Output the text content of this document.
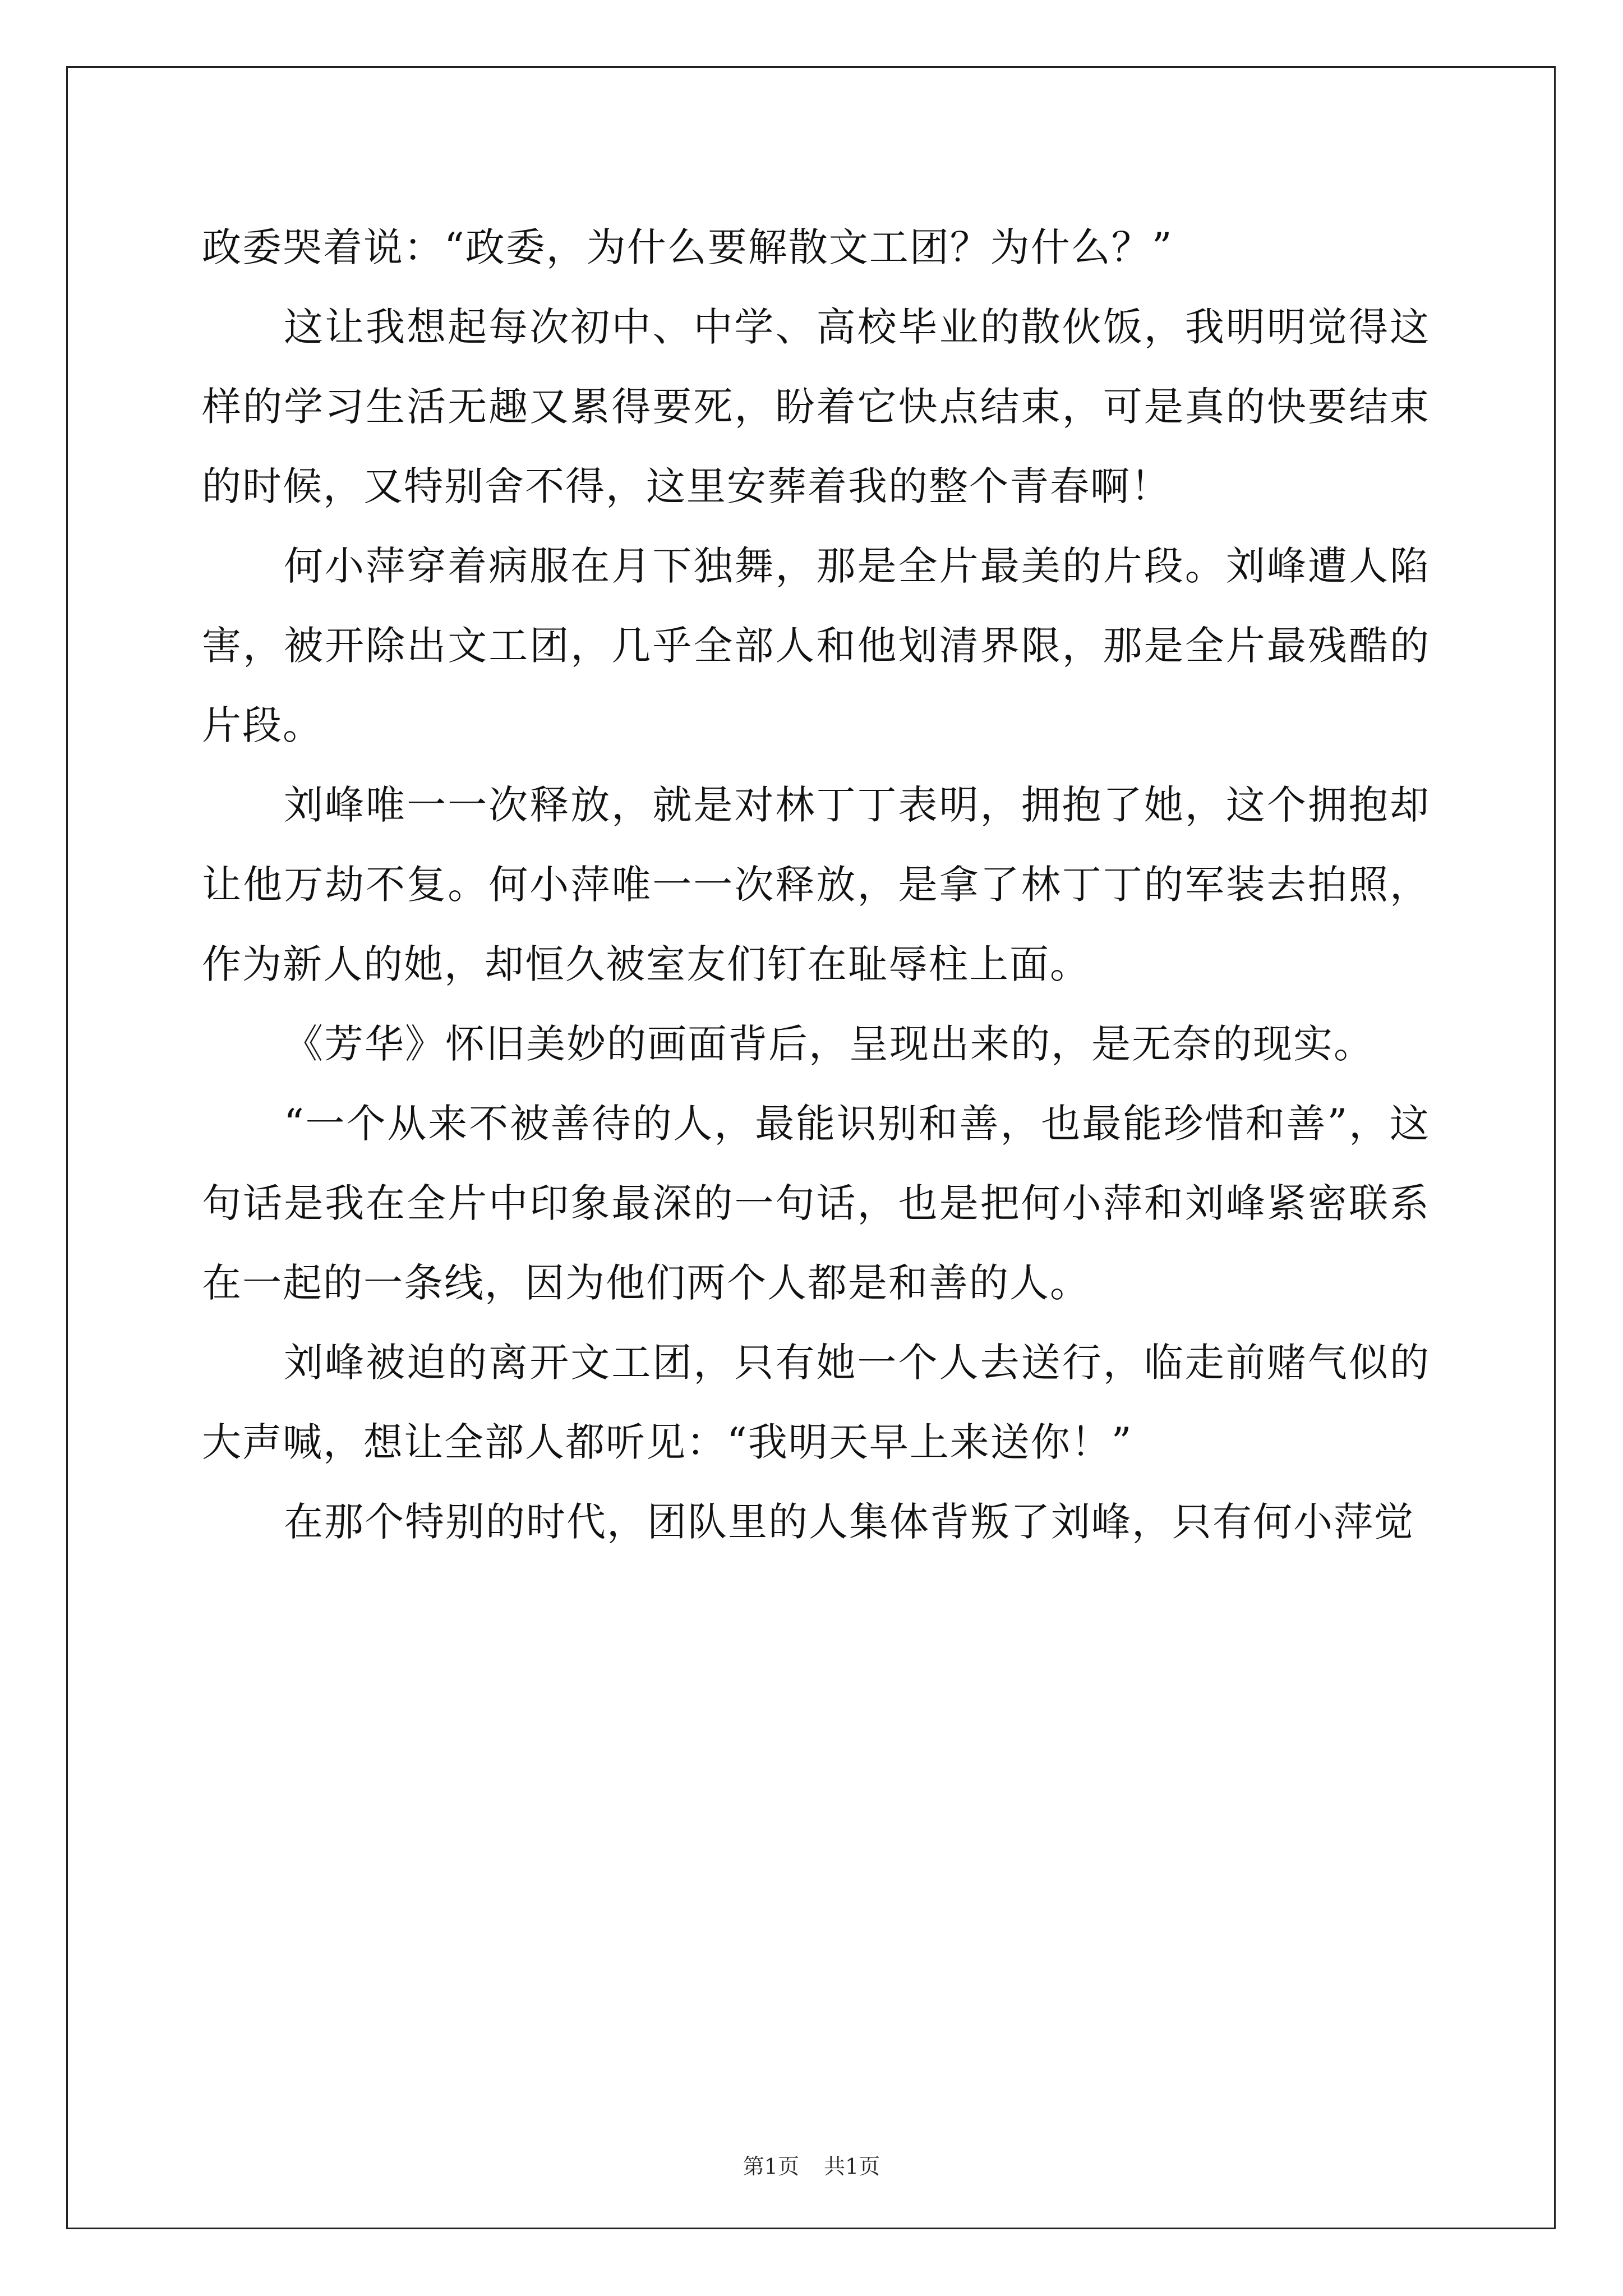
政委哭着说：“政委，为什么要解散文工团？为什么？”

这让我想起每次初中、中学、高校毕业的散伙饭，我明明觉得这样的学习生活无趣又累得要死，盼着它快点结束，可是真的快要结束的时候，又特别舍不得，这里安葬着我的整个青春啊！

何小萍穿着病服在月下独舞，那是全片最美的片段。刘峰遭人陷害，被开除出文工团，几乎全部人和他划清界限，那是全片最残酷的片段。

刘峰唯一一次释放，就是对林丁丁表明，拥抱了她，这个拥抱却让他万劫不复。何小萍唯一一次释放，是拿了林丁丁的军装去拍照，作为新人的她，却恒久被室友们钉在耻辱柱上面。

《芳华》怀旧美妙的画面背后，呈现出来的，是无奈的现实。

“一个从来不被善待的人，最能识别和善，也最能珍惜和善”，这句话是我在全片中印象最深的一句话，也是把何小萍和刘峰紧密联系在一起的一条线，因为他们两个人都是和善的人。

刘峰被迫的离开文工团，只有她一个人去送行，临走前赌气似的大声喊，想让全部人都听见：“我明天早上来送你！”

在那个特别的时代，团队里的人集体背叛了刘峰，只有何小萍觉

第1页 共1页
